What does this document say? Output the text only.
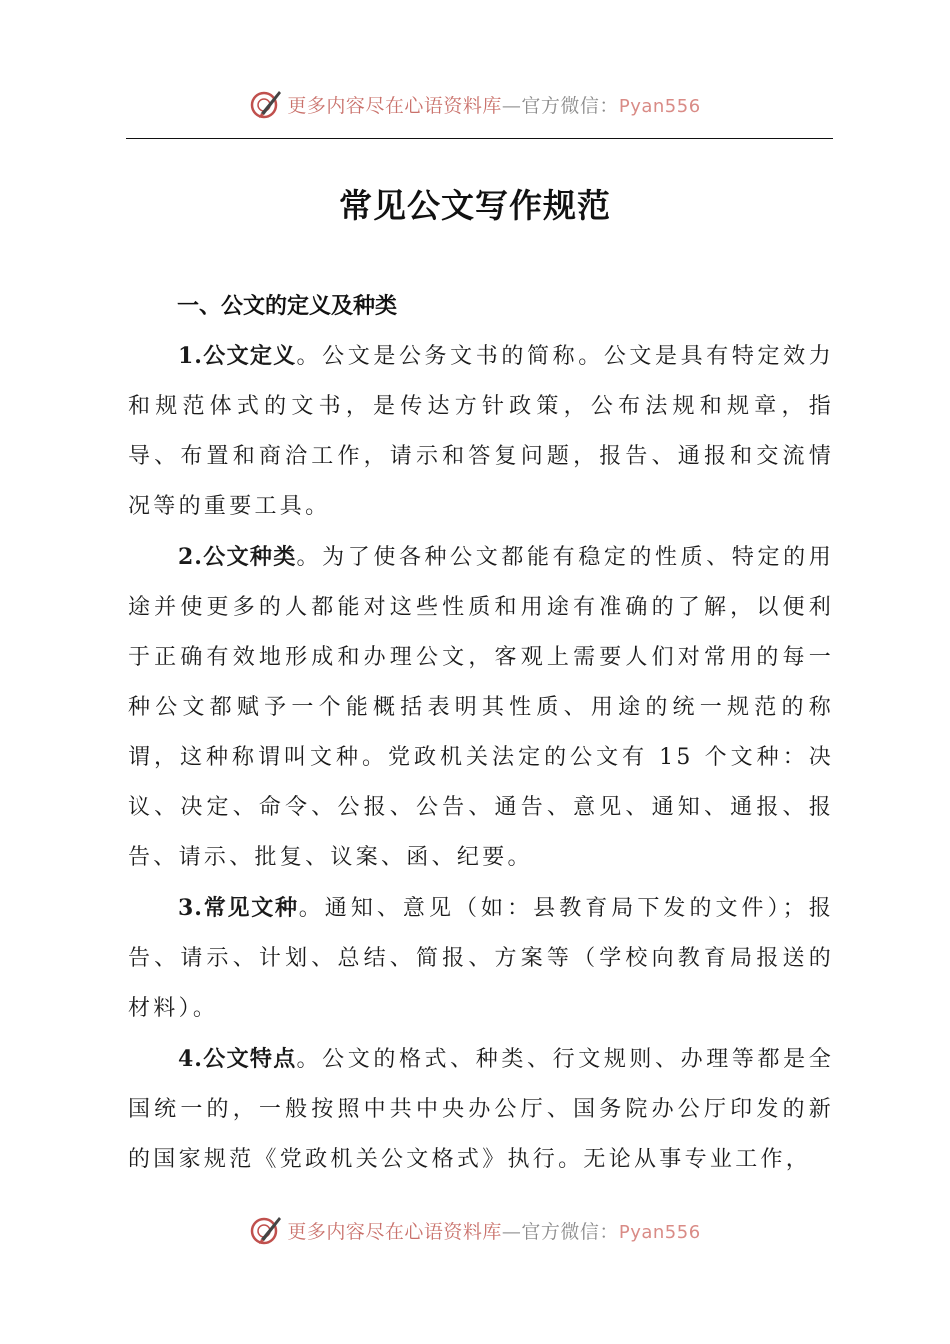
更多内容尽在心语资料库—官方微信：Pyan556
常见公文写作规范
一、公文的定义及种类

1.公文定义。公文是公务文书的简称。公文是具有特定效力和规范体式的文书，是传达方针政策，公布法规和规章，指导、布置和商洽工作，请示和答复问题，报告、通报和交流情况等的重要工具。

2.公文种类。为了使各种公文都能有稳定的性质、特定的用途并使更多的人都能对这些性质和用途有准确的了解，以便利于正确有效地形成和办理公文，客观上需要人们对常用的每一种公文都赋予一个能概括表明其性质、用途的统一规范的称谓，这种称谓叫文种。党政机关法定的公文有 15 个文种：决议、决定、命令、公报、公告、通告、意见、通知、通报、报告、请示、批复、议案、函、纪要。

3.常见文种。通知、意见（如：县教育局下发的文件）；报告、请示、计划、总结、简报、方案等（学校向教育局报送的材料）。

4.公文特点。公文的格式、种类、行文规则、办理等都是全国统一的，一般按照中共中央办公厅、国务院办公厅印发的新的国家规范《党政机关公文格式》执行。无论从事专业工作，

更多内容尽在心语资料库—官方微信：Pyan556
